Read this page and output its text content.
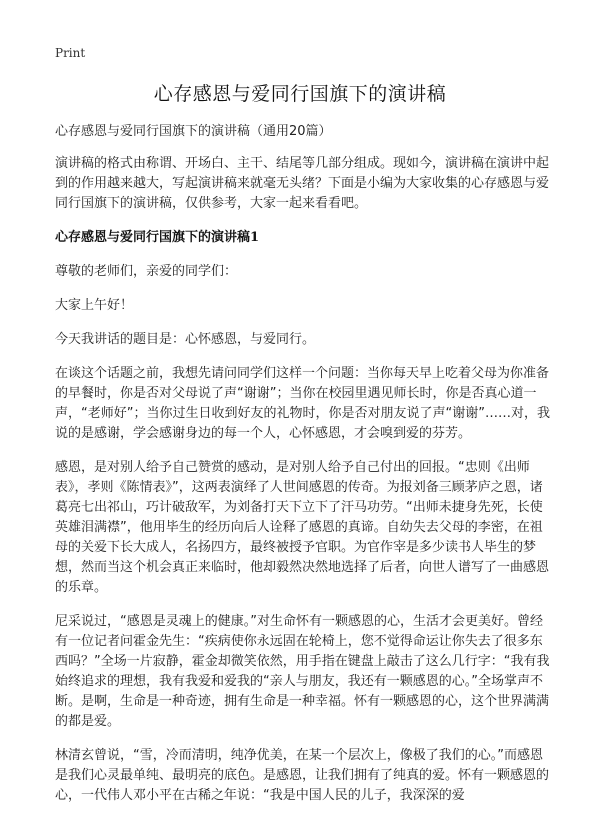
Print
心存感恩与爱同行国旗下的演讲稿

心存感恩与爱同行国旗下的演讲稿（通用20篇）

演讲稿的格式由称谓、开场白、主干、结尾等几部分组成。现如今，演讲稿在演讲中起到的作用越来越大，写起演讲稿来就毫无头绪？下面是小编为大家收集的心存感恩与爱同行国旗下的演讲稿，仅供参考，大家一起来看看吧。

心存感恩与爱同行国旗下的演讲稿1

尊敬的老师们，亲爱的同学们：

大家上午好！

今天我讲话的题目是：心怀感恩，与爱同行。

在谈这个话题之前，我想先请问同学们这样一个问题：当你每天早上吃着父母为你准备的早餐时，你是否对父母说了声“谢谢”；当你在校园里遇见师长时，你是否真心道一声，“老师好”；当你过生日收到好友的礼物时，你是否对朋友说了声“谢谢”……对，我说的是感谢，学会感谢身边的每一个人，心怀感恩，才会嗅到爱的芬芳。

感恩，是对别人给予自己赞赏的感动，是对别人给予自己付出的回报。“忠则《出师表》，孝则《陈情表》”，这两表演绎了人世间感恩的传奇。为报刘备三顾茅庐之恩，诸葛亮七出祁山，巧计破敌军，为刘备打天下立下了汗马功劳。“出师未捷身先死，长使英雄泪满襟”，他用毕生的经历向后人诠释了感恩的真谛。自幼失去父母的李密，在祖母的关爱下长大成人，名扬四方，最终被授予官职。为官作宰是多少读书人毕生的梦想，然而当这个机会真正来临时，他却毅然决然地选择了后者，向世人谱写了一曲感恩的乐章。

尼采说过，“感恩是灵魂上的健康。”对生命怀有一颗感恩的心，生活才会更美好。曾经有一位记者问霍金先生：“疾病使你永远固在轮椅上，您不觉得命运让你失去了很多东西吗？”全场一片寂静，霍金却微笑依然，用手指在键盘上敲击了这么几行字：“我有我始终追求的理想，我有我爱和爱我的“亲人与朋友，我还有一颗感恩的心。”全场掌声不断。是啊，生命是一种奇迹，拥有生命是一种幸福。怀有一颗感恩的心，这个世界满满的都是爱。

林清玄曾说，“雪，冷而清明，纯净优美，在某一个层次上，像极了我们的心。”而感恩是我们心灵最单纯、最明亮的底色。是感恩，让我们拥有了纯真的爱。怀有一颗感恩的心，一代伟人邓小平在古稀之年说：“我是中国人民的儿子，我深深的爱
